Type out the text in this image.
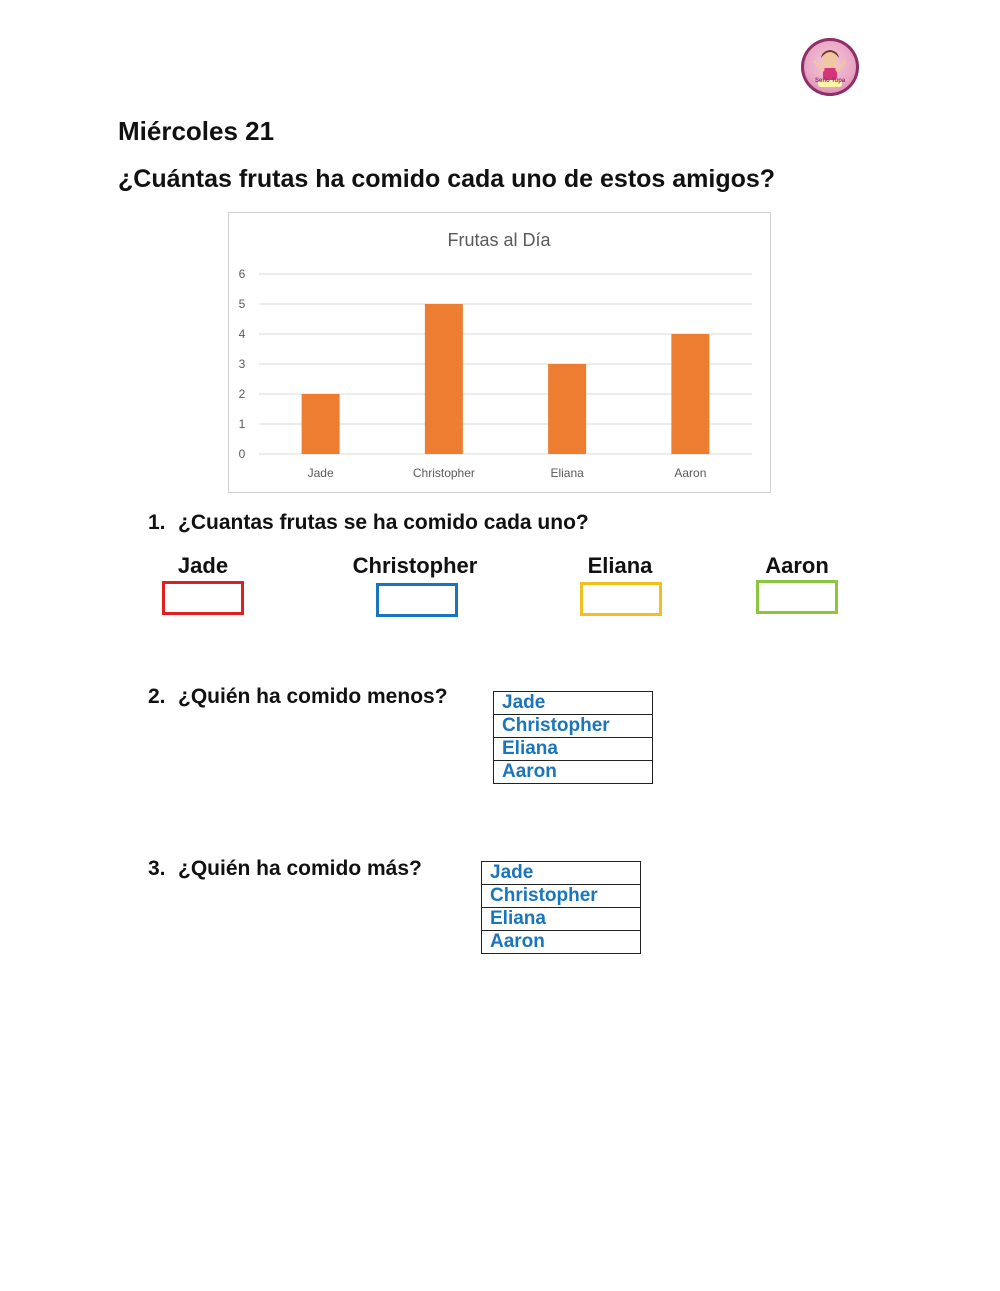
Seño Tupa
Miércoles 21
¿Cuántas frutas ha comido cada uno de estos amigos?
Frutas al Día
0
1
2
3
4
5
6
Jade	Christopher	Eliana	Aaron
1. ¿Cuantas frutas se ha comido cada uno?
Jade	Christopher	Eliana	Aaron
2. ¿Quién ha comido menos?	Jade
Christopher
Eliana
Aaron
3. ¿Quién ha comido más?	Jade
Christopher
Eliana
Aaron
